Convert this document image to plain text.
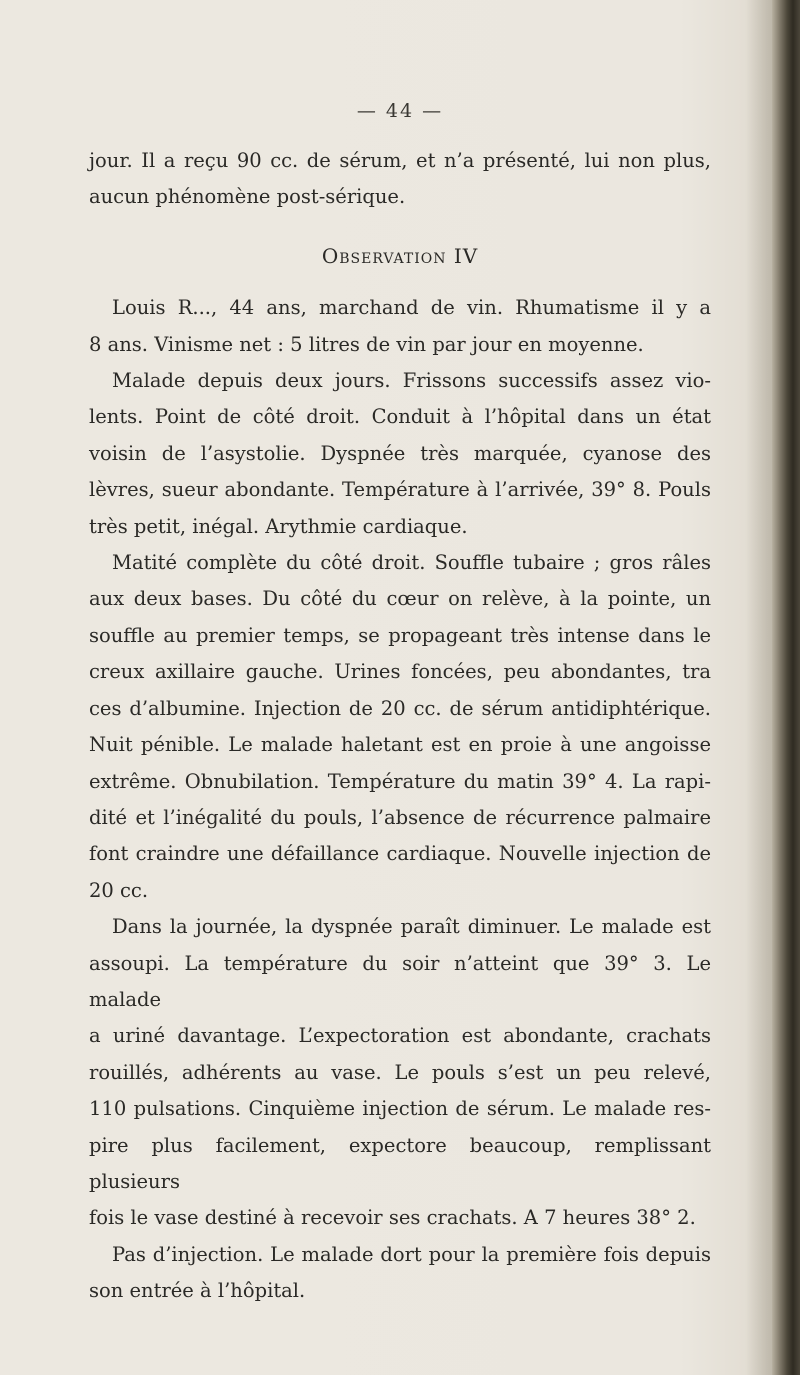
— 44 —

jour. Il a reçu 90 cc. de sérum, et n’a présenté, lui non plus,

aucun phénomène post-sérique.

Observation IV

Louis R..., 44 ans, marchand de vin. Rhumatisme il y a

8 ans. Vinisme net : 5 litres de vin par jour en moyenne.

Malade depuis deux jours. Frissons successifs assez vio-

lents. Point de côté droit. Conduit à l’hôpital dans un état

voisin de l’asystolie. Dyspnée très marquée, cyanose des

lèvres, sueur abondante. Température à l’arrivée, 39° 8. Pouls

très petit, inégal. Arythmie cardiaque.

Matité complète du côté droit. Souffle tubaire ; gros râles

aux deux bases. Du côté du cœur on relève, à la pointe, un

souffle au premier temps, se propageant très intense dans le

creux axillaire gauche. Urines foncées, peu abondantes, tra

ces d’albumine. Injection de 20 cc. de sérum antidiphtérique.

Nuit pénible. Le malade haletant est en proie à une angoisse

extrême. Obnubilation. Température du matin 39° 4. La rapi-

dité et l’inégalité du pouls, l’absence de récurrence palmaire

font craindre une défaillance cardiaque. Nouvelle injection de

20 cc.

Dans la journée, la dyspnée paraît diminuer. Le malade est

assoupi. La température du soir n’atteint que 39° 3. Le malade

a uriné davantage. L’expectoration est abondante, crachats

rouillés, adhérents au vase. Le pouls s’est un peu relevé,

110 pulsations. Cinquième injection de sérum. Le malade res-

pire plus facilement, expectore beaucoup, remplissant plusieurs

fois le vase destiné à recevoir ses crachats. A 7 heures 38° 2.

Pas d’injection. Le malade dort pour la première fois depuis

son entrée à l’hôpital.
